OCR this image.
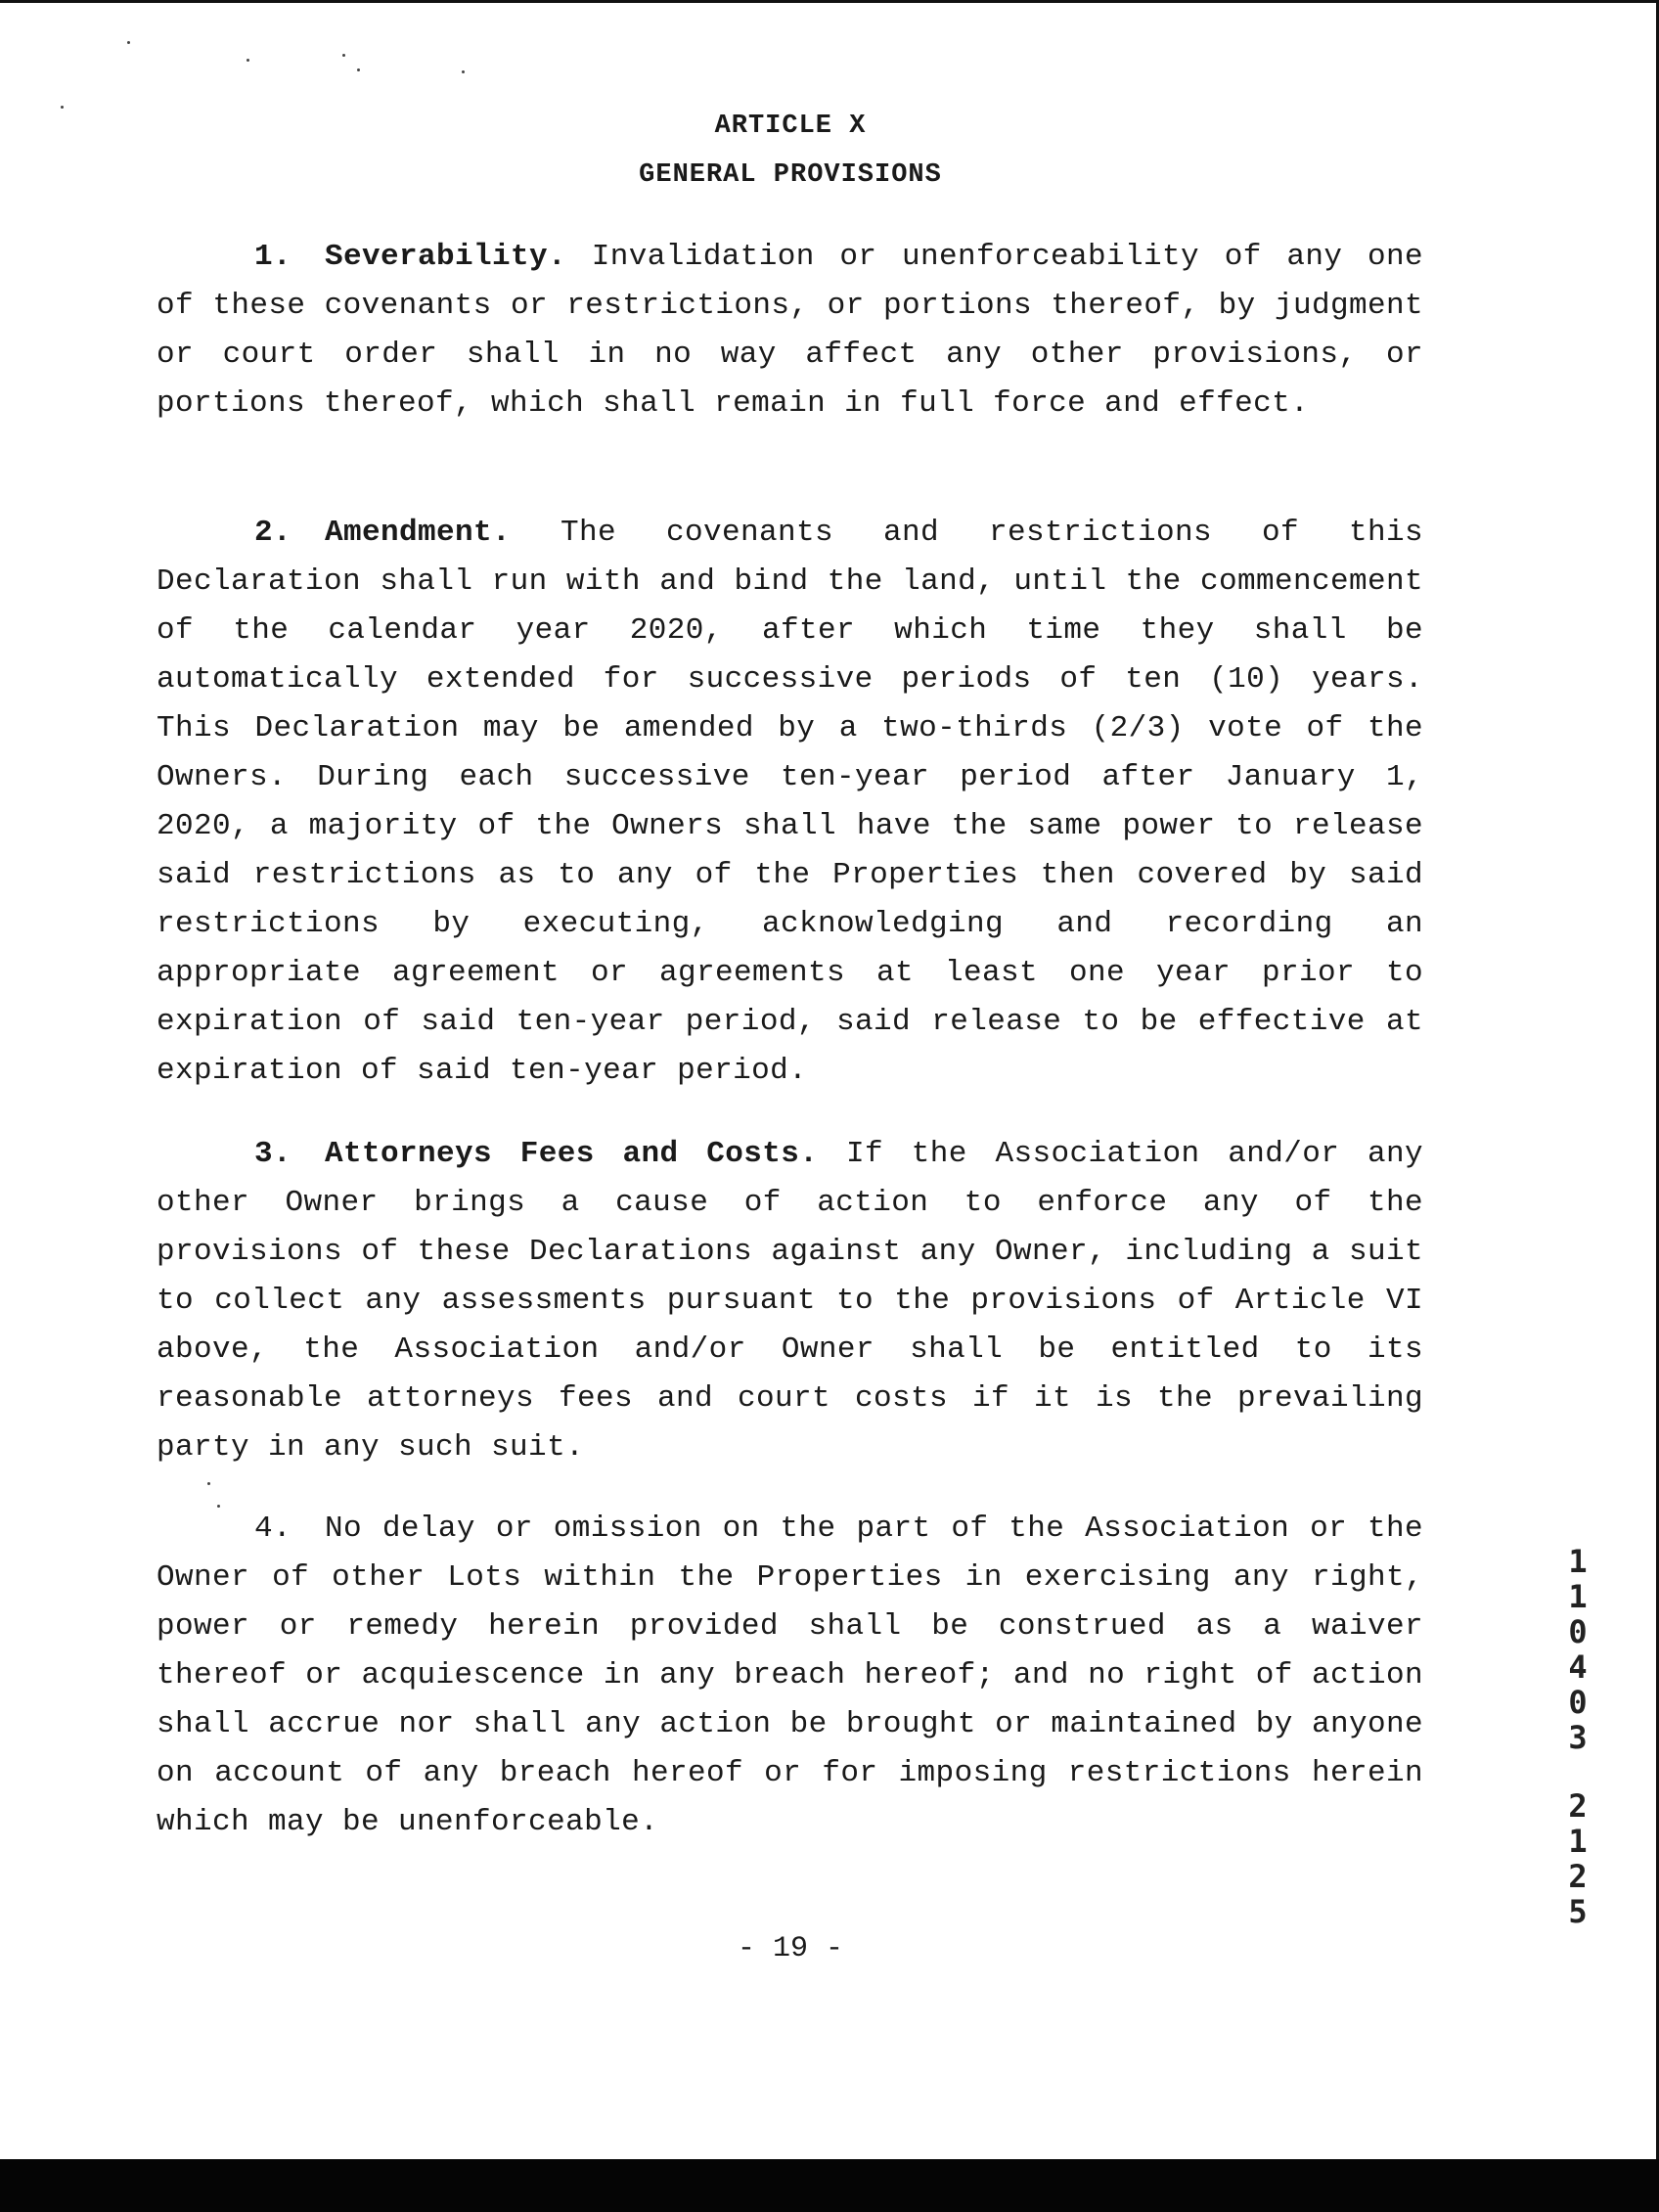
ARTICLE X
GENERAL PROVISIONS
1. Severability. Invalidation or unenforceability of any one of these covenants or restrictions, or portions thereof, by judgment or court order shall in no way affect any other provisions, or portions thereof, which shall remain in full force and effect.
2. Amendment. The covenants and restrictions of this Declaration shall run with and bind the land, until the commencement of the calendar year 2020, after which time they shall be automatically extended for successive periods of ten (10) years. This Declaration may be amended by a two-thirds (2/3) vote of the Owners. During each successive ten-year period after January 1, 2020, a majority of the Owners shall have the same power to release said restrictions as to any of the Properties then covered by said restrictions by executing, acknowledging and recording an appropriate agreement or agreements at least one year prior to expiration of said ten-year period, said release to be effective at expiration of said ten-year period.
3. Attorneys Fees and Costs. If the Association and/or any other Owner brings a cause of action to enforce any of the provisions of these Declarations against any Owner, including a suit to collect any assessments pursuant to the provisions of Article VI above, the Association and/or Owner shall be entitled to its reasonable attorneys fees and court costs if it is the prevailing party in any such suit.
4. No delay or omission on the part of the Association or the Owner of other Lots within the Properties in exercising any right, power or remedy herein provided shall be construed as a waiver thereof or acquiescence in any breach hereof; and no right of action shall accrue nor shall any action be brought or maintained by anyone on account of any breach hereof or for imposing restrictions herein which may be unenforceable.
- 19 -
110403
2125
